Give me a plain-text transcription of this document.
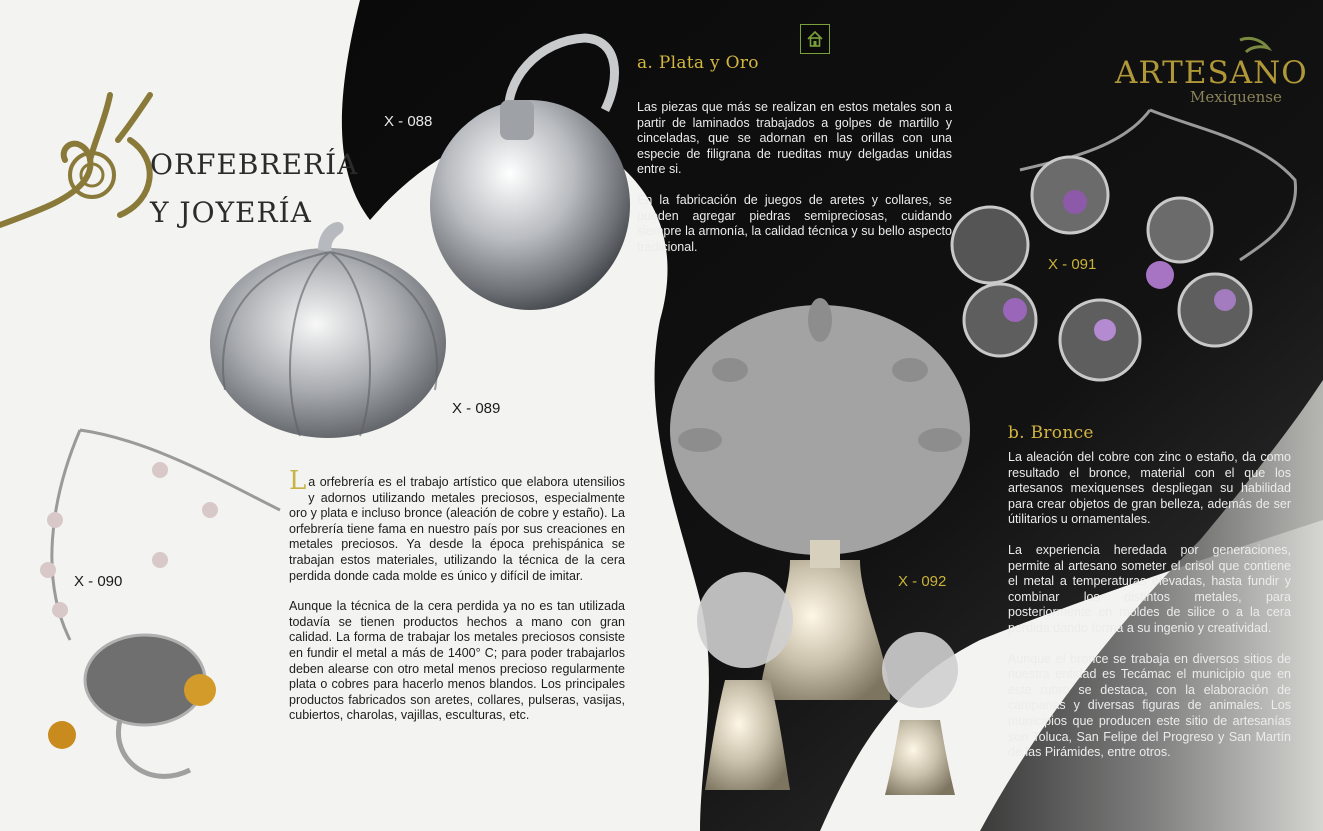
ORFEBRERÍA
Y JOYERÍA
ARTESANO
Mexiquense
X - 088
X - 089
X - 090
X - 091
X - 092
a. Plata y Oro

Las piezas que más se realizan en estos metales son a partir de laminados trabajados a golpes de martillo y cinceladas, que se adornan en las orillas con una especie de filigrana de rueditas muy delgadas unidas entre si.

En la fabricación de juegos de aretes y collares, se pueden agregar piedras semipreciosas, cuidando siempre la armonía, la calidad técnica y su bello aspecto tradicional.

La orfebrería es el trabajo artístico que elabora utensilios y adornos utilizando metales preciosos, especialmente oro y plata e incluso bronce (aleación de cobre y estaño). La orfebrería tiene fama en nuestro país por sus creaciones en metales preciosos. Ya desde la época prehispánica se trabajan estos materiales, utilizando la técnica de la cera perdida donde cada molde es único y difícil de imitar.

Aunque la técnica de la cera perdida ya no es tan utilizada todavía se tienen productos hechos a mano con gran calidad. La forma de trabajar los metales preciosos consiste en fundir el metal a más de 1400° C; para poder trabajarlos deben alearse con otro metal menos precioso regularmente plata o cobres para hacerlo menos blandos. Los principales productos fabricados son aretes, collares, pulseras, vasijas, cubiertos, charolas, vajillas, esculturas, etc.

b. Bronce

La aleación del cobre con zinc o estaño, da como resultado el bronce, material con el que los artesanos mexiquenses despliegan su habilidad para crear objetos de gran belleza, además de ser útilitarios u ornamentales.

La experiencia heredada por generaciones, permite al artesano someter el crisol que contiene el metal a temperaturas elevadas, hasta fundir y combinar los distintos metales, para posteriormente en moldes de silice o a la cera perdida dando forma a su ingenio y creatividad.

Aunque el bronce se trabaja en diversos sitios de nuestra entidad es Tecámac el municipio que en este rubro se destaca, con la elaboración de campanas y diversas figuras de animales. Los municipios que producen este sitio de artesanías son Toluca, San Felipe del Progreso y San Martín de las Pirámides, entre otros.
